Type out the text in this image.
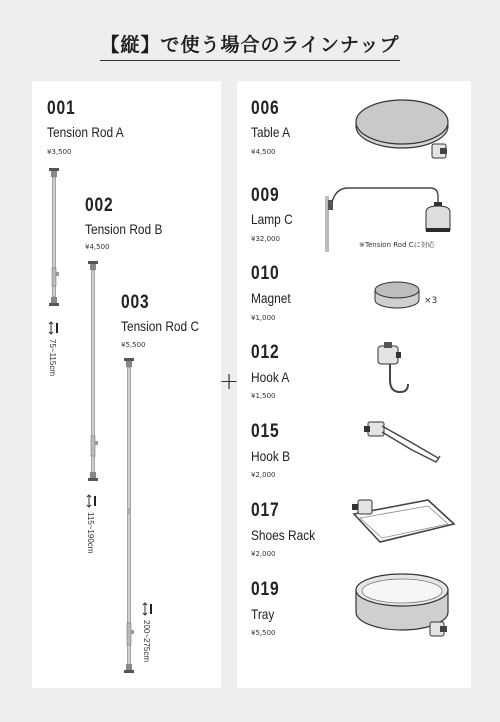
【縦】で使う場合のラインナップ
+
001
Tension Rod A
¥3,500
002
Tension Rod B
¥4,500
003
Tension Rod C
¥5,500
75~115cm
115~190cm
200~275cm
006
Table A
¥4,500
009
Lamp C
¥32,000
※Tension Rod Cに対応
010
Magnet
¥1,000
×3
012
Hook A
¥1,500
015
Hook B
¥2,000
017
Shoes Rack
¥2,000
019
Tray
¥5,500
